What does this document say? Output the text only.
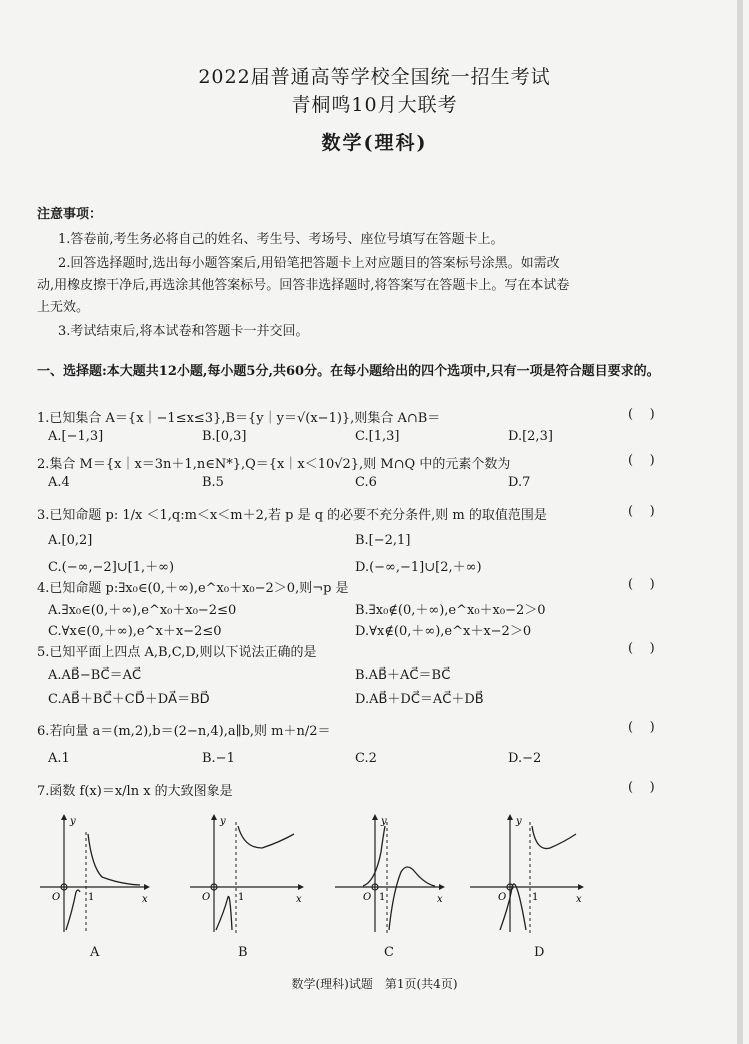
2022届普通高等学校全国统一招生考试
青桐鸣10月大联考
数学(理科)
注意事项：
1.答卷前,考生务必将自己的姓名、考生号、考场号、座位号填写在答题卡上。
2.回答选择题时,选出每小题答案后,用铅笔把答题卡上对应题目的答案标号涂黑。如需改
动,用橡皮擦干净后,再选涂其他答案标号。回答非选择题时,将答案写在答题卡上。写在本试卷
上无效。
3.考试结束后,将本试卷和答题卡一并交回。
一、选择题:本大题共12小题,每小题5分,共60分。在每小题给出的四个选项中,只有一项是符合题目要求的。
1.已知集合 A＝{x｜−1≤x≤3},B＝{y｜y＝√(x−1)},则集合 A∩B＝	(    )
A.[−1,3]	B.[0,3]	C.[1,3]	D.[2,3]
2.集合 M＝{x｜x＝3n＋1,n∈N*},Q＝{x｜x＜10√2},则 M∩Q 中的元素个数为	(    )
A.4	B.5	C.6	D.7
3.已知命题 p: 1/x ＜1,q:m＜x＜m＋2,若 p 是 q 的必要不充分条件,则 m 的取值范围是	(    )
A.[0,2]	B.[−2,1]
C.(−∞,−2]∪[1,＋∞)	D.(−∞,−1]∪[2,＋∞)
4.已知命题 p:∃x₀∈(0,＋∞),e^x₀＋x₀−2＞0,则¬p 是	(    )
A.∃x₀∈(0,＋∞),e^x₀＋x₀−2≤0	B.∃x₀∉(0,＋∞),e^x₀＋x₀−2＞0
C.∀x∈(0,＋∞),e^x＋x−2≤0	D.∀x∉(0,＋∞),e^x＋x−2＞0
5.已知平面上四点 A,B,C,D,则以下说法正确的是	(    )
A.AB⃗−BC⃗＝AC⃗	B.AB⃗＋AC⃗＝BC⃗
C.AB⃗＋BC⃗＋CD⃗＋DA⃗＝BD⃗	D.AB⃗＋DC⃗＝AC⃗＋DB⃗
6.若向量 a＝(m,2),b＝(2−n,4),a∥b,则 m＋n/2＝	(    )
A.1	B.−1	C.2	D.−2
7.函数 f(x)＝x/ln x 的大致图象是	(    )
y
x
O	1
y
x
O	1
y
x
O 1
y
x
O	1
A	B	C	D
数学(理科)试题　第1页(共4页)
